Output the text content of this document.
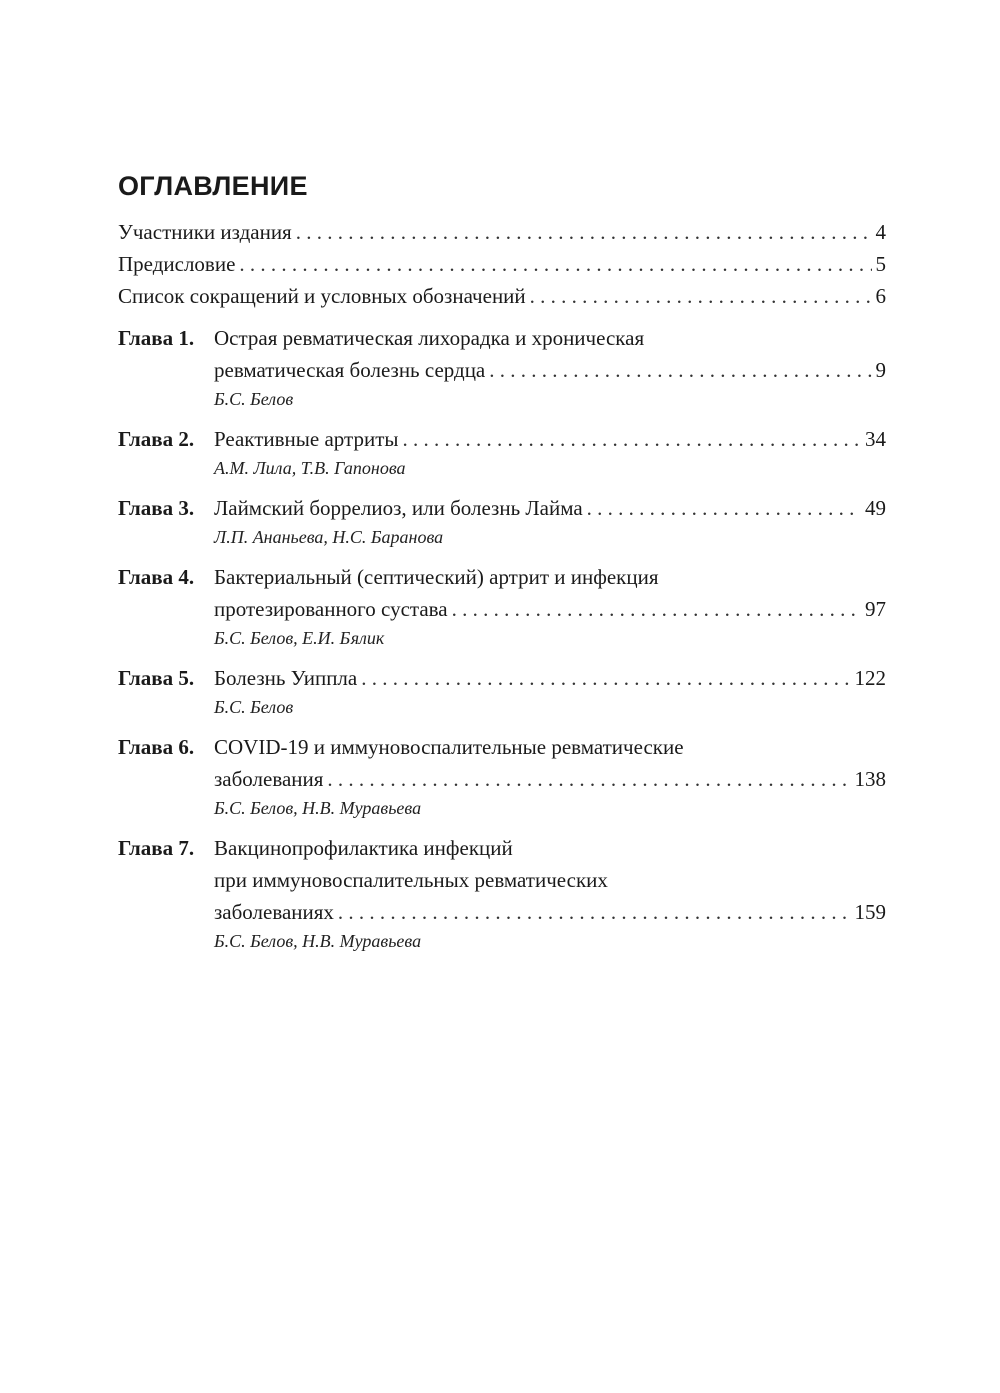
ОГЛАВЛЕНИЕ
Участники издания . . .	4
Предисловие . . .	5
Список сокращений и условных обозначений . . .	6
Глава 1. Острая ревматическая лихорадка и хроническая
ревматическая болезнь сердца . . .	9
Б.С. Белов
Глава 2. Реактивные артриты . . .	34
А.М. Лила, Т.В. Гапонова
Глава 3. Лаймский боррелиоз, или болезнь Лайма . . .	49
Л.П. Ананьева, Н.С. Баранова
Глава 4. Бактериальный (септический) артрит и инфекция
протезированного сустава . . .	97
Б.С. Белов, Е.И. Бялик
Глава 5. Болезнь Уиппла . . .	122
Б.С. Белов
Глава 6. COVID-19 и иммуновоспалительные ревматические
заболевания . . .	138
Б.С. Белов, Н.В. Муравьева
Глава 7. Вакцинопрофилактика инфекций
при иммуновоспалительных ревматических
заболеваниях . . .	159
Б.С. Белов, Н.В. Муравьева
